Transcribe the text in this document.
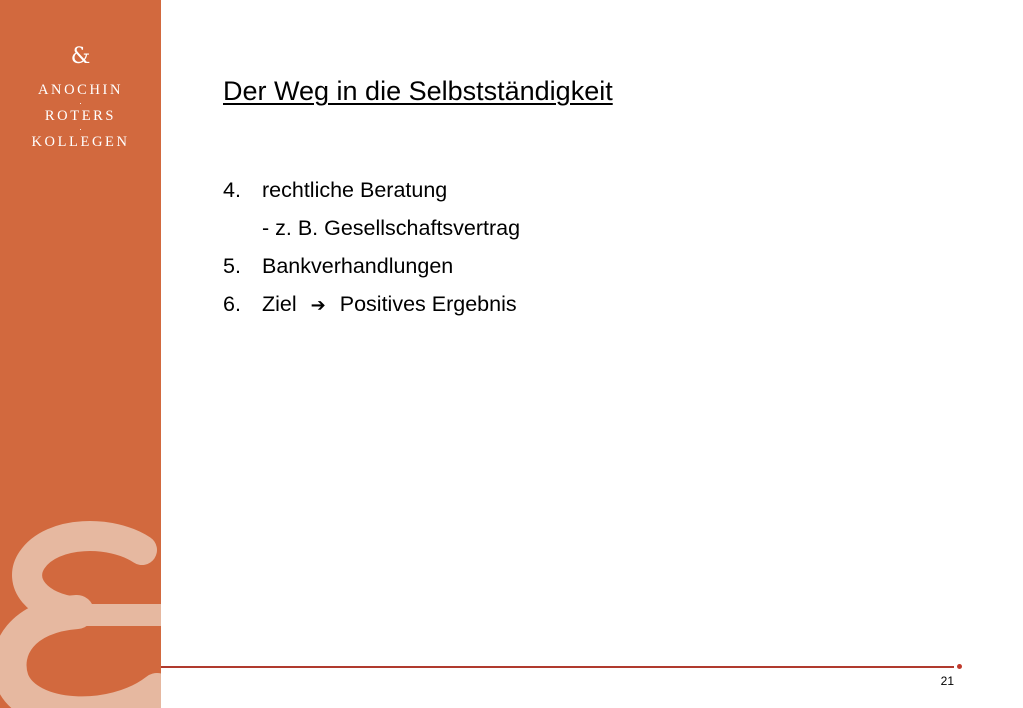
&
ANOCHIN
·
ROTERS
·
KOLLEGEN
Der Weg in die Selbstständigkeit
4. rechtliche Beratung
- z. B. Gesellschaftsvertrag
5. Bankverhandlungen
6. Ziel ➔ Positives Ergebnis
21
